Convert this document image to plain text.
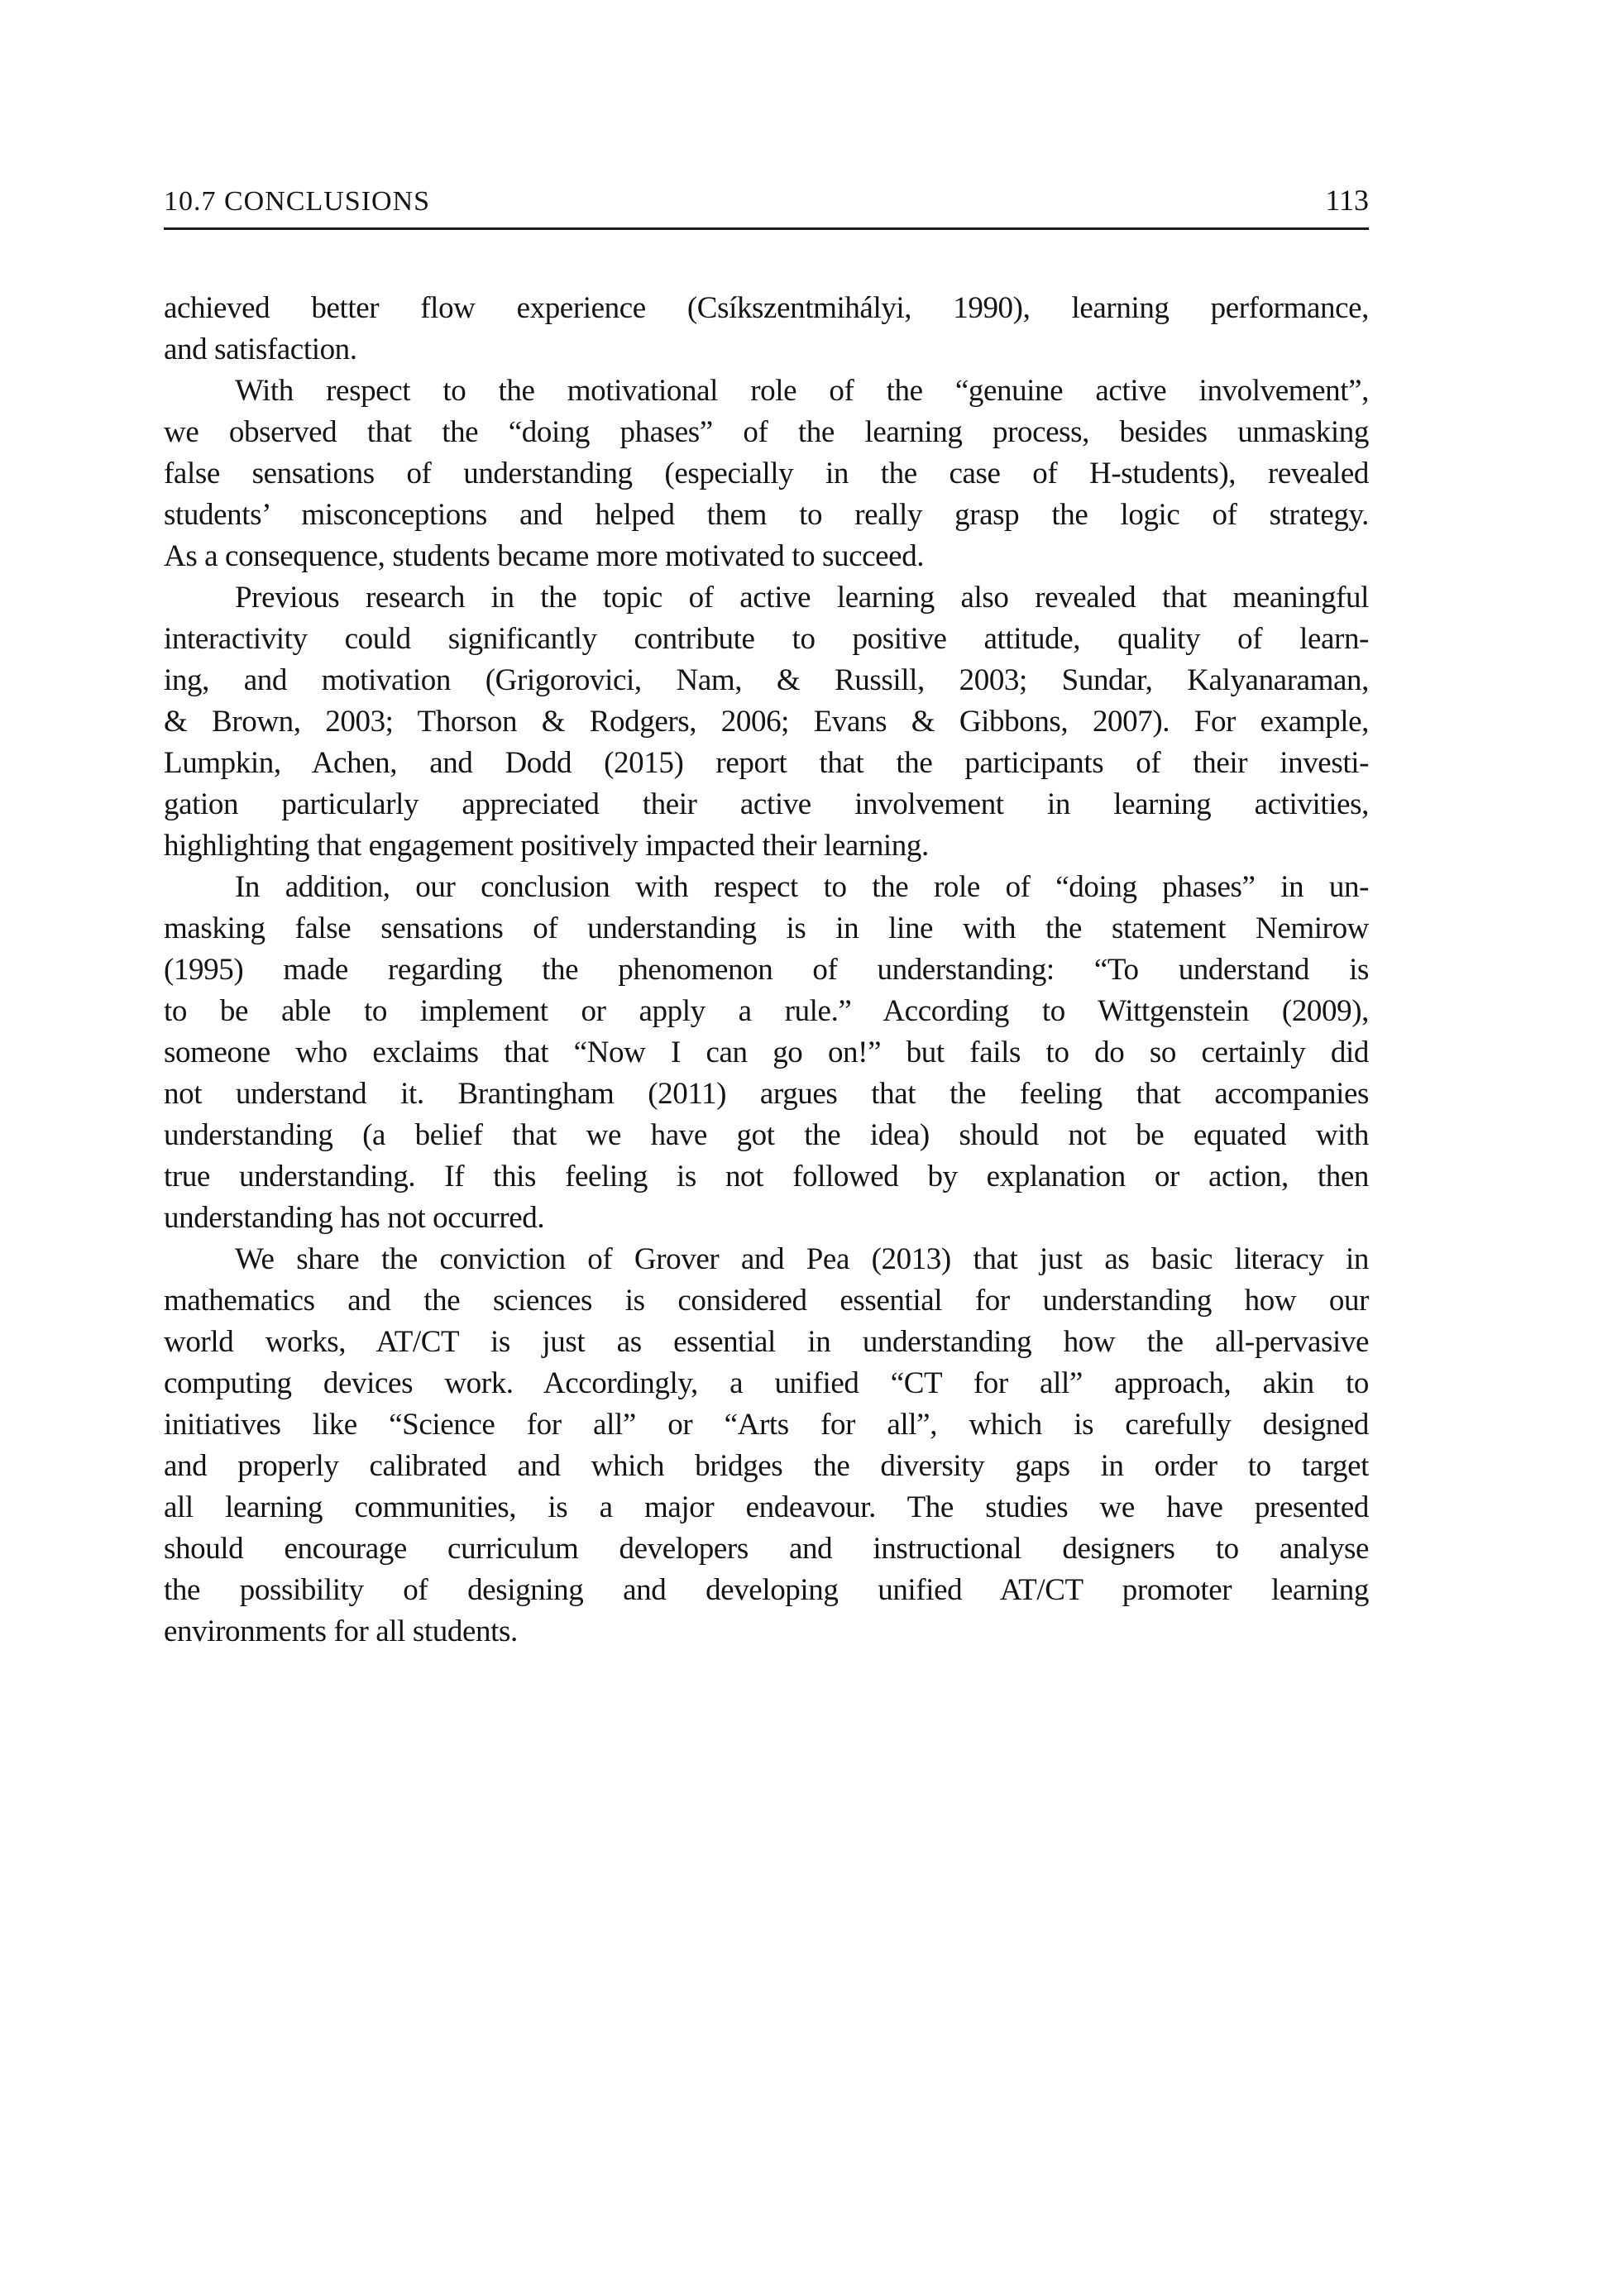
10.7 CONCLUSIONS	113
achieved better flow experience (Csíkszentmihályi, 1990), learning performance,
and satisfaction.
With respect to the motivational role of the “genuine active involvement”,
we observed that the “doing phases” of the learning process, besides unmasking
false sensations of understanding (especially in the case of H-students), revealed
students’ misconceptions and helped them to really grasp the logic of strategy.
As a consequence, students became more motivated to succeed.
Previous research in the topic of active learning also revealed that meaningful
interactivity could significantly contribute to positive attitude, quality of learn-
ing, and motivation (Grigorovici, Nam, & Russill, 2003; Sundar, Kalyanaraman,
& Brown, 2003; Thorson & Rodgers, 2006; Evans & Gibbons, 2007). For example,
Lumpkin, Achen, and Dodd (2015) report that the participants of their investi-
gation particularly appreciated their active involvement in learning activities,
highlighting that engagement positively impacted their learning.
In addition, our conclusion with respect to the role of “doing phases” in un-
masking false sensations of understanding is in line with the statement Nemirow
(1995) made regarding the phenomenon of understanding: “To understand is
to be able to implement or apply a rule.” According to Wittgenstein (2009),
someone who exclaims that “Now I can go on!” but fails to do so certainly did
not understand it. Brantingham (2011) argues that the feeling that accompanies
understanding (a belief that we have got the idea) should not be equated with
true understanding. If this feeling is not followed by explanation or action, then
understanding has not occurred.
We share the conviction of Grover and Pea (2013) that just as basic literacy in
mathematics and the sciences is considered essential for understanding how our
world works, AT/CT is just as essential in understanding how the all-pervasive
computing devices work. Accordingly, a unified “CT for all” approach, akin to
initiatives like “Science for all” or “Arts for all”, which is carefully designed
and properly calibrated and which bridges the diversity gaps in order to target
all learning communities, is a major endeavour. The studies we have presented
should encourage curriculum developers and instructional designers to analyse
the possibility of designing and developing unified AT/CT promoter learning
environments for all students.
